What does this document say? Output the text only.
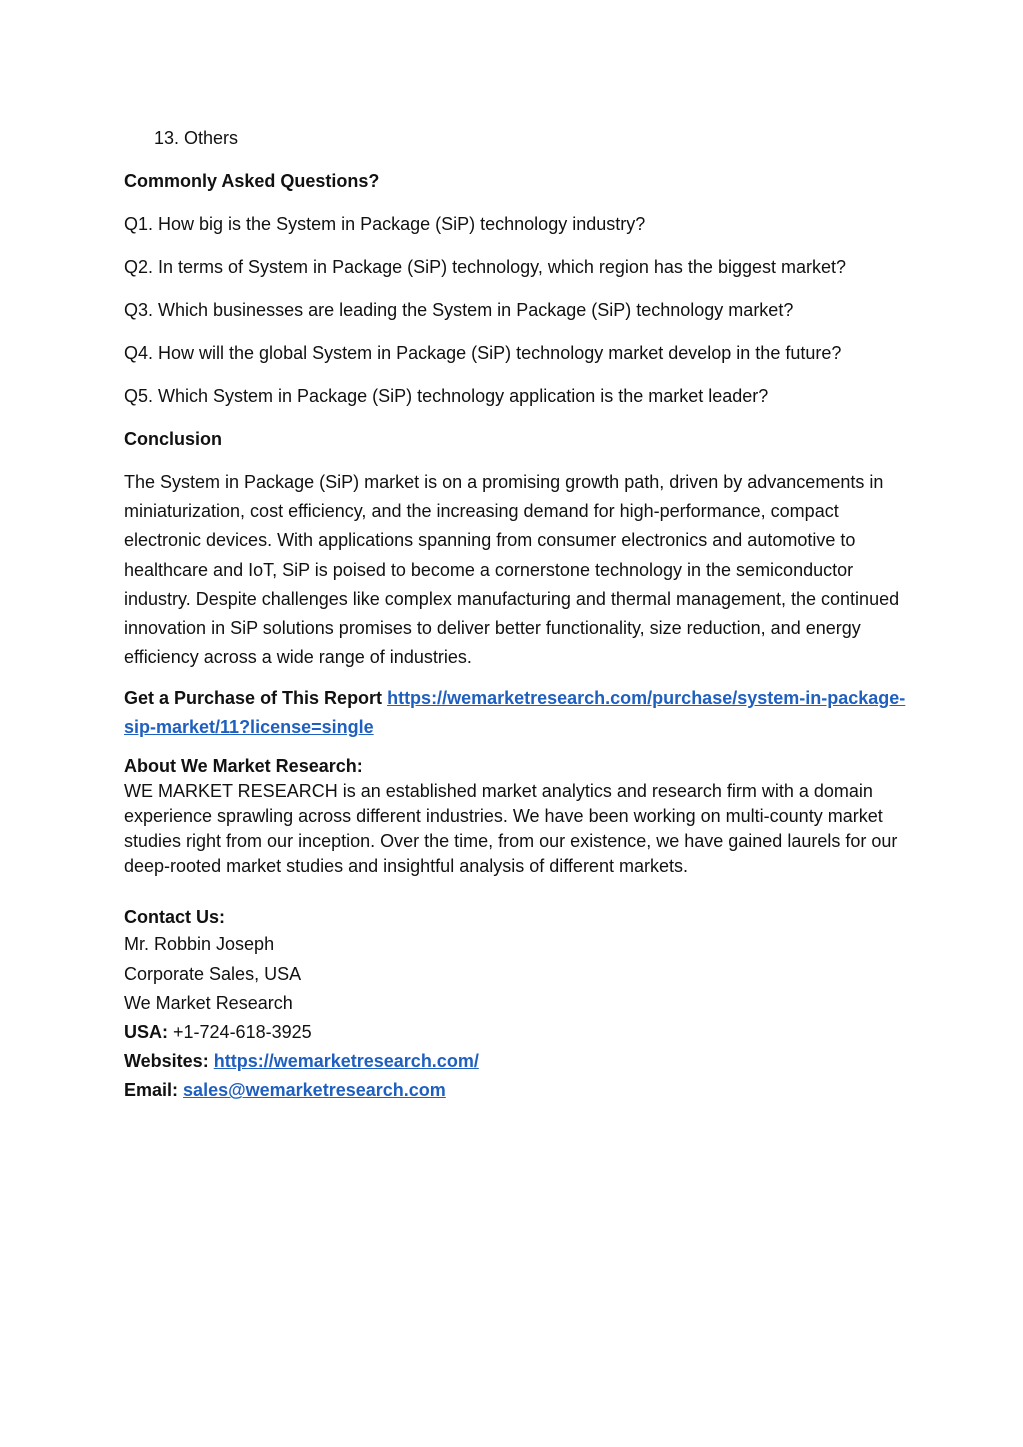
13. Others
Commonly Asked Questions?
Q1. How big is the System in Package (SiP) technology industry?
Q2. In terms of System in Package (SiP) technology, which region has the biggest market?
Q3. Which businesses are leading the System in Package (SiP) technology market?
Q4. How will the global System in Package (SiP) technology market develop in the future?
Q5. Which System in Package (SiP) technology application is the market leader?
Conclusion
The System in Package (SiP) market is on a promising growth path, driven by advancements in miniaturization, cost efficiency, and the increasing demand for high-performance, compact electronic devices. With applications spanning from consumer electronics and automotive to healthcare and IoT, SiP is poised to become a cornerstone technology in the semiconductor industry. Despite challenges like complex manufacturing and thermal management, the continued innovation in SiP solutions promises to deliver better functionality, size reduction, and energy efficiency across a wide range of industries.
Get a Purchase of This Report https://wemarketresearch.com/purchase/system-in-package-sip-market/11?license=single
About We Market Research:
WE MARKET RESEARCH is an established market analytics and research firm with a domain experience sprawling across different industries. We have been working on multi-county market studies right from our inception. Over the time, from our existence, we have gained laurels for our deep-rooted market studies and insightful analysis of different markets.
Contact Us:
Mr. Robbin Joseph
Corporate Sales, USA
We Market Research
USA: +1-724-618-3925
Websites: https://wemarketresearch.com/
Email: sales@wemarketresearch.com
